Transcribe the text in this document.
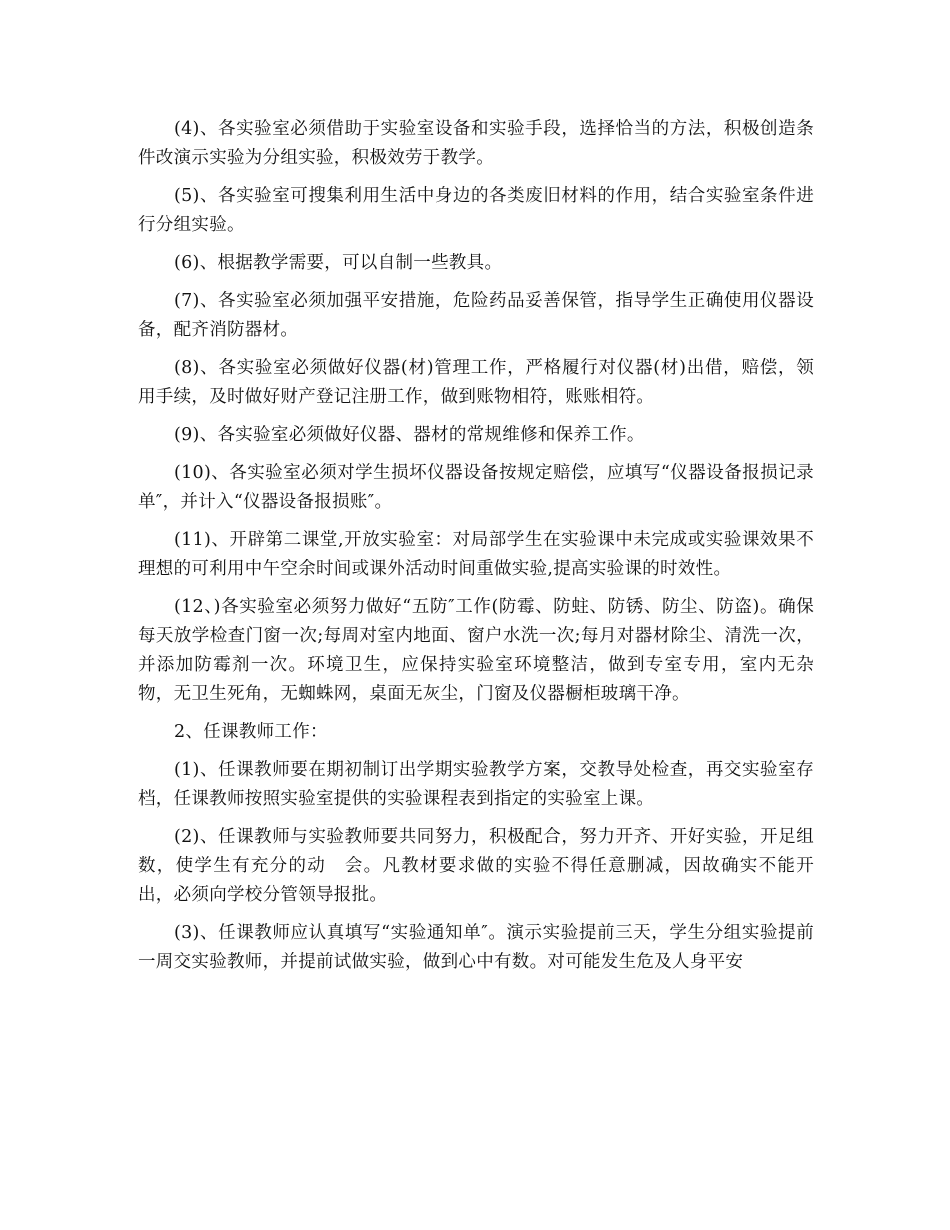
(4)、各实验室必须借助于实验室设备和实验手段，选择恰当的方法，积极创造条件改演示实验为分组实验，积极效劳于教学。

(5)、各实验室可搜集利用生活中身边的各类废旧材料的作用，结合实验室条件进行分组实验。

(6)、根据教学需要，可以自制一些教具。

(7)、各实验室必须加强平安措施，危险药品妥善保管，指导学生正确使用仪器设备，配齐消防器材。

(8)、各实验室必须做好仪器(材)管理工作，严格履行对仪器(材)出借，赔偿，领用手续，及时做好财产登记注册工作，做到账物相符，账账相符。

(9)、各实验室必须做好仪器、器材的常规维修和保养工作。

(10)、各实验室必须对学生损坏仪器设备按规定赔偿，应填写“仪器设备报损记录单″，并计入“仪器设备报损账″。

(11)、开辟第二课堂,开放实验室：对局部学生在实验课中未完成或实验课效果不理想的可利用中午空余时间或课外活动时间重做实验,提高实验课的时效性。

(12、)各实验室必须努力做好“五防″工作(防霉、防蛀、防锈、防尘、防盗)。确保每天放学检查门窗一次;每周对室内地面、窗户水洗一次;每月对器材除尘、清洗一次，并添加防霉剂一次。环境卫生，应保持实验室环境整洁，做到专室专用，室内无杂物，无卫生死角，无蜘蛛网，桌面无灰尘，门窗及仪器橱柜玻璃干净。

2、任课教师工作：

(1)、任课教师要在期初制订出学期实验教学方案，交教导处检查，再交实验室存档，任课教师按照实验室提供的实验课程表到指定的实验室上课。

(2)、任课教师与实验教师要共同努力，积极配合，努力开齐、开好实验，开足组数，使学生有充分的动　会。凡教材要求做的实验不得任意删减，因故确实不能开出，必须向学校分管领导报批。

(3)、任课教师应认真填写“实验通知单″。演示实验提前三天，学生分组实验提前一周交实验教师，并提前试做实验，做到心中有数。对可能发生危及人身平安
